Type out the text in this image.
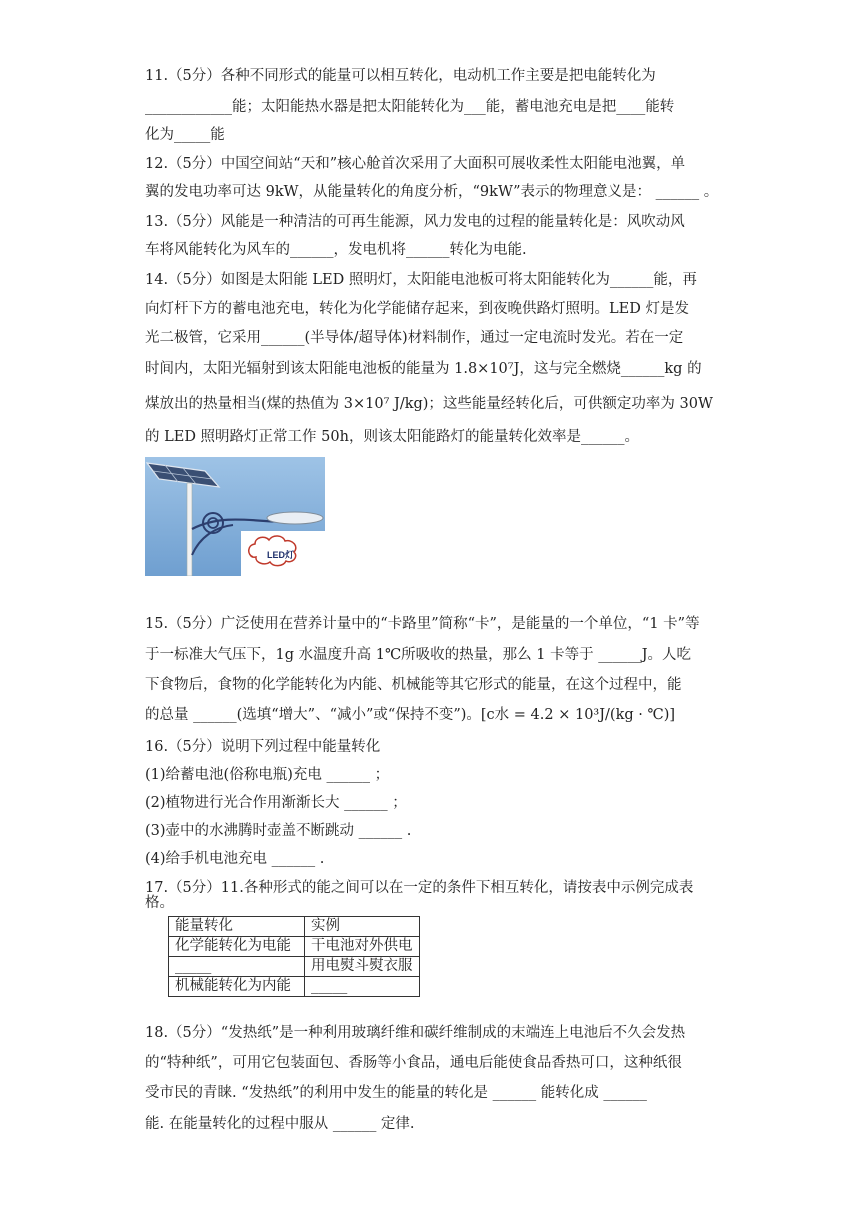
11.（5分）各种不同形式的能量可以相互转化，电动机工作主要是把电能转化为
____________能；太阳能热水器是把太阳能转化为___能，蓄电池充电是把____能转
化为_____能
12.（5分）中国空间站“天和”核心舱首次采用了大面积可展收柔性太阳能电池翼，单
翼的发电功率可达 9kW，从能量转化的角度分析，“9kW”表示的物理意义是： ______ 。
13.（5分）风能是一种清洁的可再生能源，风力发电的过程的能量转化是：风吹动风
车将风能转化为风车的______，发电机将______转化为电能.
14.（5分）如图是太阳能 LED 照明灯，太阳能电池板可将太阳能转化为______能，再
向灯杆下方的蓄电池充电，转化为化学能储存起来，到夜晚供路灯照明。LED 灯是发
光二极管，它采用______(半导体/超导体)材料制作，通过一定电流时发光。若在一定
时间内，太阳光辐射到该太阳能电池板的能量为 1.8×10⁷J，这与完全燃烧______kg 的
煤放出的热量相当(煤的热值为 3×10⁷ J/kg)；这些能量经转化后，可供额定功率为 30W
的 LED 照明路灯正常工作 50h，则该太阳能路灯的能量转化效率是______。
LED灯
15.（5分）广泛使用在营养计量中的“卡路里”简称“卡”，是能量的一个单位，“1 卡”等
于一标准大气压下，1g 水温度升高 1℃所吸收的热量，那么 1 卡等于 ______J。人吃
下食物后，食物的化学能转化为内能、机械能等其它形式的能量，在这个过程中，能
的总量 ______(选填“增大”、“减小”或“保持不变”)。[c水 = 4.2 × 10³J/(kg · ℃)]
16.（5分）说明下列过程中能量转化
(1)给蓄电池(俗称电瓶)充电 ______ ；
(2)植物进行光合作用渐渐长大 ______ ；
(3)壶中的水沸腾时壶盖不断跳动 ______ .
(4)给手机电池充电 ______ .
17.（5分）11.各种形式的能之间可以在一定的条件下相互转化，请按表中示例完成表
格。
能量转化	实例
化学能转化为电能	干电池对外供电
_____	用电熨斗熨衣服
机械能转化为内能	_____
18.（5分）“发热纸”是一种利用玻璃纤维和碳纤维制成的末端连上电池后不久会发热
的“特种纸”，可用它包装面包、香肠等小食品，通电后能使食品香热可口，这种纸很
受市民的青睐. “发热纸”的利用中发生的能量的转化是 ______ 能转化成 ______
能. 在能量转化的过程中服从 ______ 定律.
